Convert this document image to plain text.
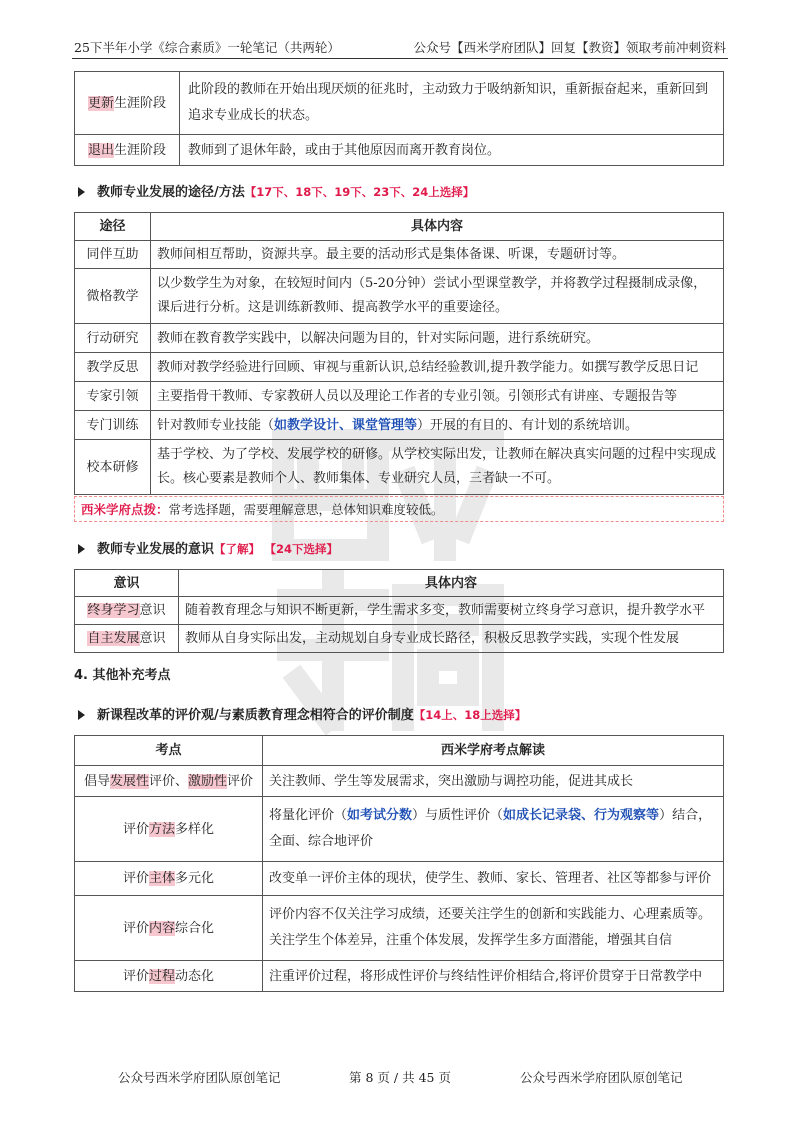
25下半年小学《综合素质》一轮笔记（共两轮）	公众号【西米学府团队】回复【教资】领取考前冲刺资料
更新生涯阶段	此阶段的教师在开始出现厌烦的征兆时，主动致力于吸纳新知识，重新振奋起来，重新回到追求专业成长的状态。
退出生涯阶段	教师到了退休年龄，或由于其他原因而离开教育岗位。
教师专业发展的途径/方法【17下、18下、19下、23下、24上选择】
途径	具体内容
同伴互助	教师间相互帮助，资源共享。最主要的活动形式是集体备课、听课，专题研讨等。
微格教学	以少数学生为对象，在较短时间内（5-20分钟）尝试小型课堂教学，并将教学过程摄制成录像，课后进行分析。这是训练新教师、提高教学水平的重要途径。
行动研究	教师在教育教学实践中，以解决问题为目的，针对实际问题，进行系统研究。
教学反思	教师对教学经验进行回顾、审视与重新认识,总结经验教训,提升教学能力。如撰写教学反思日记
专家引领	主要指骨干教师、专家教研人员以及理论工作者的专业引领。引领形式有讲座、专题报告等
专门训练	针对教师专业技能（如教学设计、课堂管理等）开展的有目的、有计划的系统培训。
校本研修	基于学校、为了学校、发展学校的研修。从学校实际出发，让教师在解决真实问题的过程中实现成长。核心要素是教师个人、教师集体、专业研究人员，三者缺一不可。
西米学府点拨：常考选择题，需要理解意思，总体知识难度较低。
教师专业发展的意识【了解】 【24下选择】
意识	具体内容
终身学习意识	随着教育理念与知识不断更新，学生需求多变，教师需要树立终身学习意识，提升教学水平
自主发展意识	教师从自身实际出发，主动规划自身专业成长路径，积极反思教学实践，实现个性发展
4. 其他补充考点
新课程改革的评价观/与素质教育理念相符合的评价制度【14上、18上选择】
考点	西米学府考点解读
倡导发展性评价、激励性评价	关注教师、学生等发展需求，突出激励与调控功能，促进其成长
评价方法多样化	将量化评价（如考试分数）与质性评价（如成长记录袋、行为观察等）结合，全面、综合地评价
评价主体多元化	改变单一评价主体的现状，使学生、教师、家长、管理者、社区等都参与评价
评价内容综合化	评价内容不仅关注学习成绩，还要关注学生的创新和实践能力、心理素质等。关注学生个体差异，注重个体发展，发挥学生多方面潜能，增强其自信
评价过程动态化	注重评价过程，将形成性评价与终结性评价相结合,将评价贯穿于日常教学中
公众号西米学府团队原创笔记	第 8 页 / 共 45 页	公众号西米学府团队原创笔记
